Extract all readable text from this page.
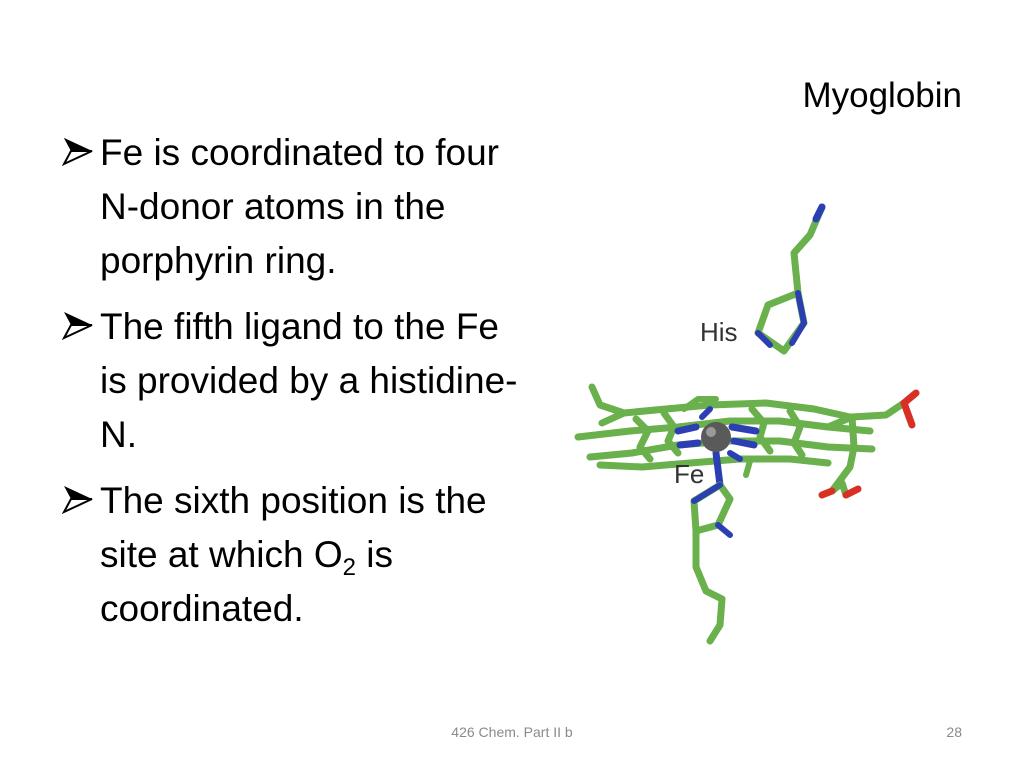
Myoglobin
Fe is coordinated to four N-donor atoms in the porphyrin ring.
The fifth ligand to the Fe is provided by a histidine-N.
The sixth position is the site at which $O_2$ is coordinated.
His
Fe
426 Chem. Part II b	28
